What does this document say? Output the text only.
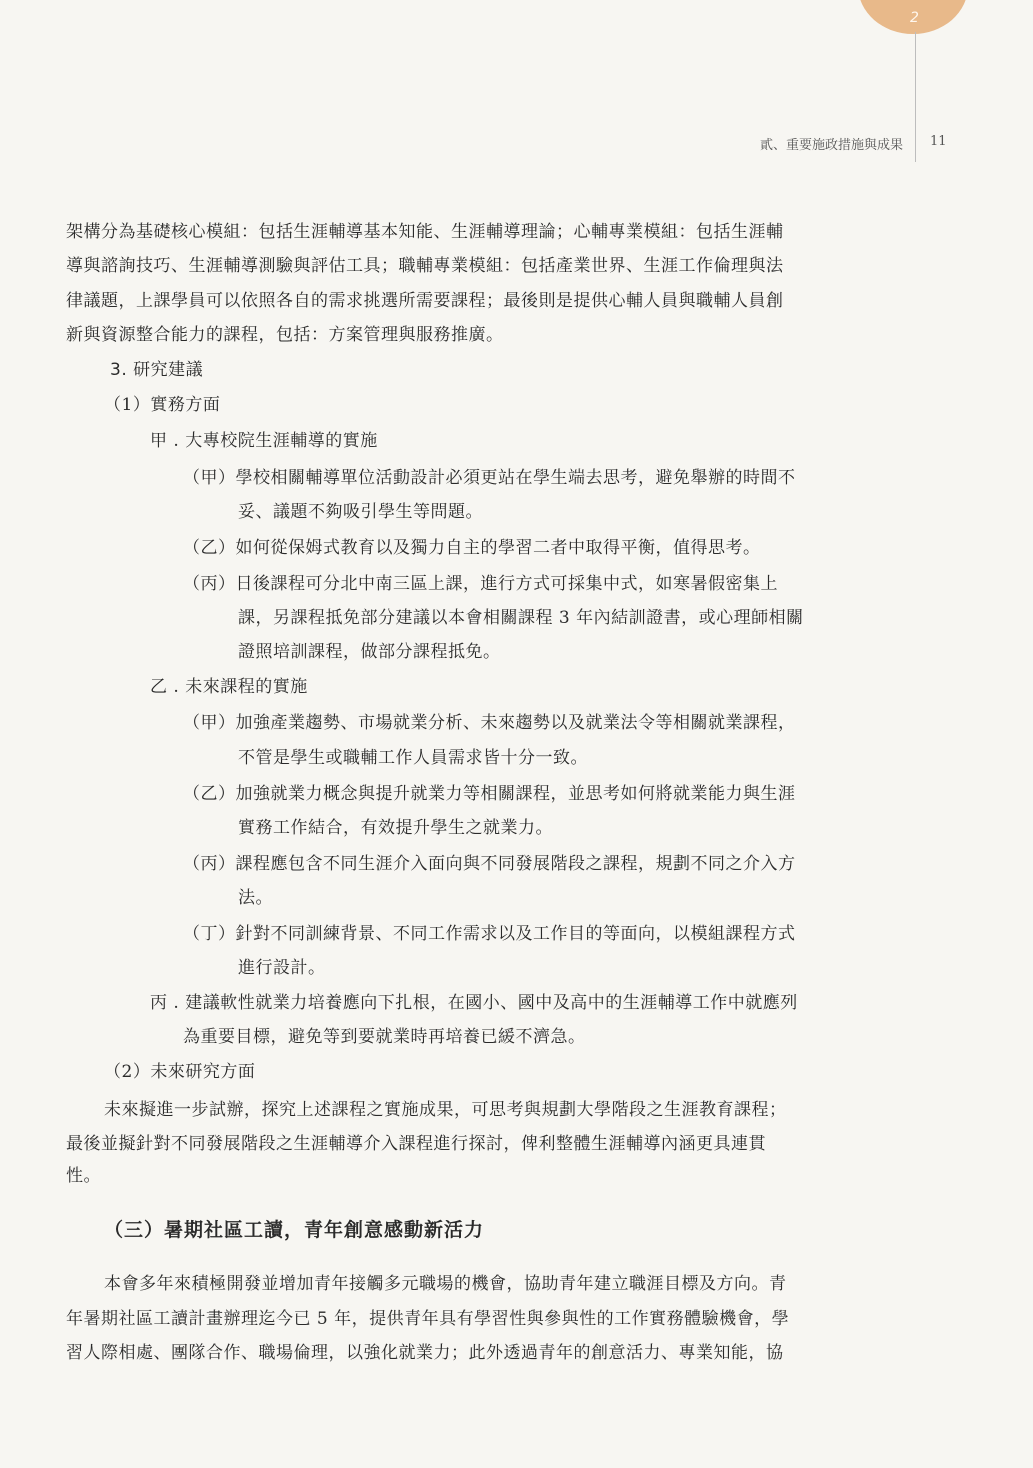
2
貳、重要施政措施與成果 11
架構分為基礎核心模組：包括生涯輔導基本知能、生涯輔導理論；心輔專業模組：包括生涯輔
導與諮詢技巧、生涯輔導測驗與評估工具；職輔專業模組：包括產業世界、生涯工作倫理與法
律議題，上課學員可以依照各自的需求挑選所需要課程；最後則是提供心輔人員與職輔人員創
新與資源整合能力的課程，包括：方案管理與服務推廣。
3. 研究建議
（1）實務方面
甲 . 大專校院生涯輔導的實施
（甲）學校相關輔導單位活動設計必須更站在學生端去思考，避免舉辦的時間不
妥、議題不夠吸引學生等問題。
（乙）如何從保姆式教育以及獨力自主的學習二者中取得平衡，值得思考。
（丙）日後課程可分北中南三區上課，進行方式可採集中式，如寒暑假密集上
課，另課程抵免部分建議以本會相關課程 3 年內結訓證書，或心理師相關
證照培訓課程，做部分課程抵免。
乙 . 未來課程的實施
（甲）加強產業趨勢、市場就業分析、未來趨勢以及就業法令等相關就業課程，
不管是學生或職輔工作人員需求皆十分一致。
（乙）加強就業力概念與提升就業力等相關課程，並思考如何將就業能力與生涯
實務工作結合，有效提升學生之就業力。
（丙）課程應包含不同生涯介入面向與不同發展階段之課程，規劃不同之介入方
法。
（丁）針對不同訓練背景、不同工作需求以及工作目的等面向，以模組課程方式
進行設計。
丙 . 建議軟性就業力培養應向下扎根，在國小、國中及高中的生涯輔導工作中就應列
為重要目標，避免等到要就業時再培養已緩不濟急。
（2）未來研究方面
未來擬進一步試辦，探究上述課程之實施成果，可思考與規劃大學階段之生涯教育課程；
最後並擬針對不同發展階段之生涯輔導介入課程進行探討，俾利整體生涯輔導內涵更具連貫
性。
（三）暑期社區工讀，青年創意感動新活力
本會多年來積極開發並增加青年接觸多元職場的機會，協助青年建立職涯目標及方向。青
年暑期社區工讀計畫辦理迄今已 5 年，提供青年具有學習性與參與性的工作實務體驗機會，學
習人際相處、團隊合作、職場倫理，以強化就業力；此外透過青年的創意活力、專業知能，協
